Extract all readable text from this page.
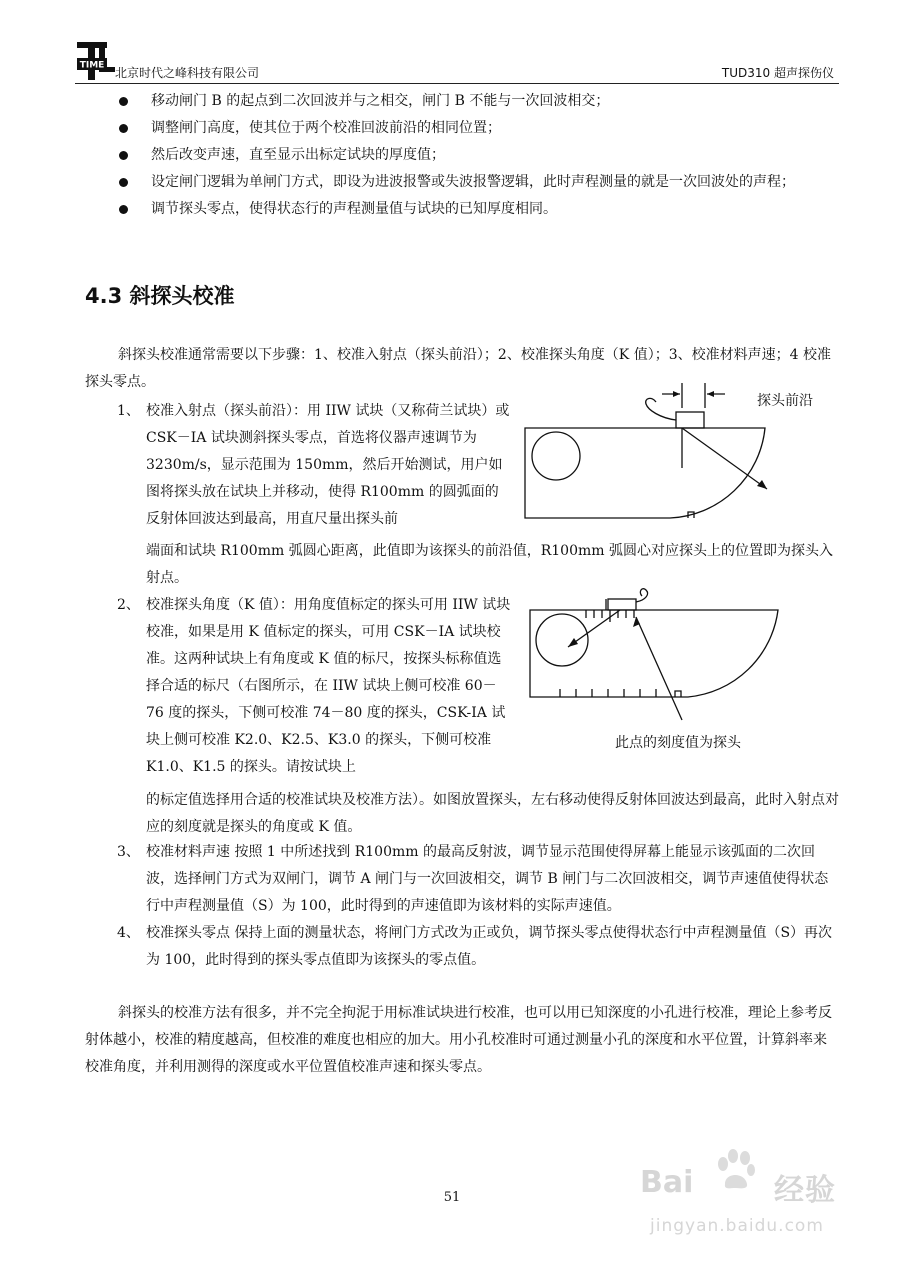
TIME
北京时代之峰科技有限公司	TUD310 超声探伤仪
移动闸门 B 的起点到二次回波并与之相交，闸门 B 不能与一次回波相交；
调整闸门高度，使其位于两个校准回波前沿的相同位置；
然后改变声速，直至显示出标定试块的厚度值；
设定闸门逻辑为单闸门方式，即设为进波报警或失波报警逻辑，此时声程测量的就是一次回波处的声程；
调节探头零点，使得状态行的声程测量值与试块的已知厚度相同。
4.3 斜探头校准
斜探头校准通常需要以下步骤：1、校准入射点（探头前沿）；2、校准探头角度（K 值）；3、校准材料声速；4 校准探头零点。
1、 校准入射点（探头前沿）：用 IIW 试块（又称荷兰试块）或 CSK－IA 试块测斜探头零点，首选将仪器声速调节为 3230m/s，显示范围为 150mm，然后开始测试，用户如图将探头放在试块上并移动，使得 R100mm 的圆弧面的反射体回波达到最高，用直尺量出探头前
端面和试块 R100mm 弧圆心距离，此值即为该探头的前沿值，R100mm 弧圆心对应探头上的位置即为探头入射点。
探头前沿
2、 校准探头角度（K 值）：用角度值标定的探头可用 IIW 试块校准，如果是用 K 值标定的探头，可用 CSK－IA 试块校准。这两种试块上有角度或 K 值的标尺，按探头标称值选择合适的标尺（右图所示，在 IIW 试块上侧可校准 60－76 度的探头，下侧可校准 74－80 度的探头，CSK-IA 试块上侧可校准 K2.0、K2.5、K3.0 的探头，下侧可校准 K1.0、K1.5 的探头。请按试块上
的标定值选择用合适的校准试块及校准方法）。如图放置探头，左右移动使得反射体回波达到最高，此时入射点对应的刻度就是探头的角度或 K 值。
此点的刻度值为探头
3、 校准材料声速 按照 1 中所述找到 R100mm 的最高反射波，调节显示范围使得屏幕上能显示该弧面的二次回波，选择闸门方式为双闸门，调节 A 闸门与一次回波相交，调节 B 闸门与二次回波相交，调节声速值使得状态行中声程测量值（S）为 100，此时得到的声速值即为该材料的实际声速值。
4、 校准探头零点 保持上面的测量状态，将闸门方式改为正或负，调节探头零点使得状态行中声程测量值（S）再次为 100，此时得到的探头零点值即为该探头的零点值。
斜探头的校准方法有很多，并不完全拘泥于用标准试块进行校准，也可以用已知深度的小孔进行校准，理论上参考反射体越小，校准的精度越高，但校准的难度也相应的加大。用小孔校准时可通过测量小孔的深度和水平位置，计算斜率来校准角度，并利用测得的深度或水平位置值校准声速和探头零点。
51	Bai	经验
jingyan.baidu.com
